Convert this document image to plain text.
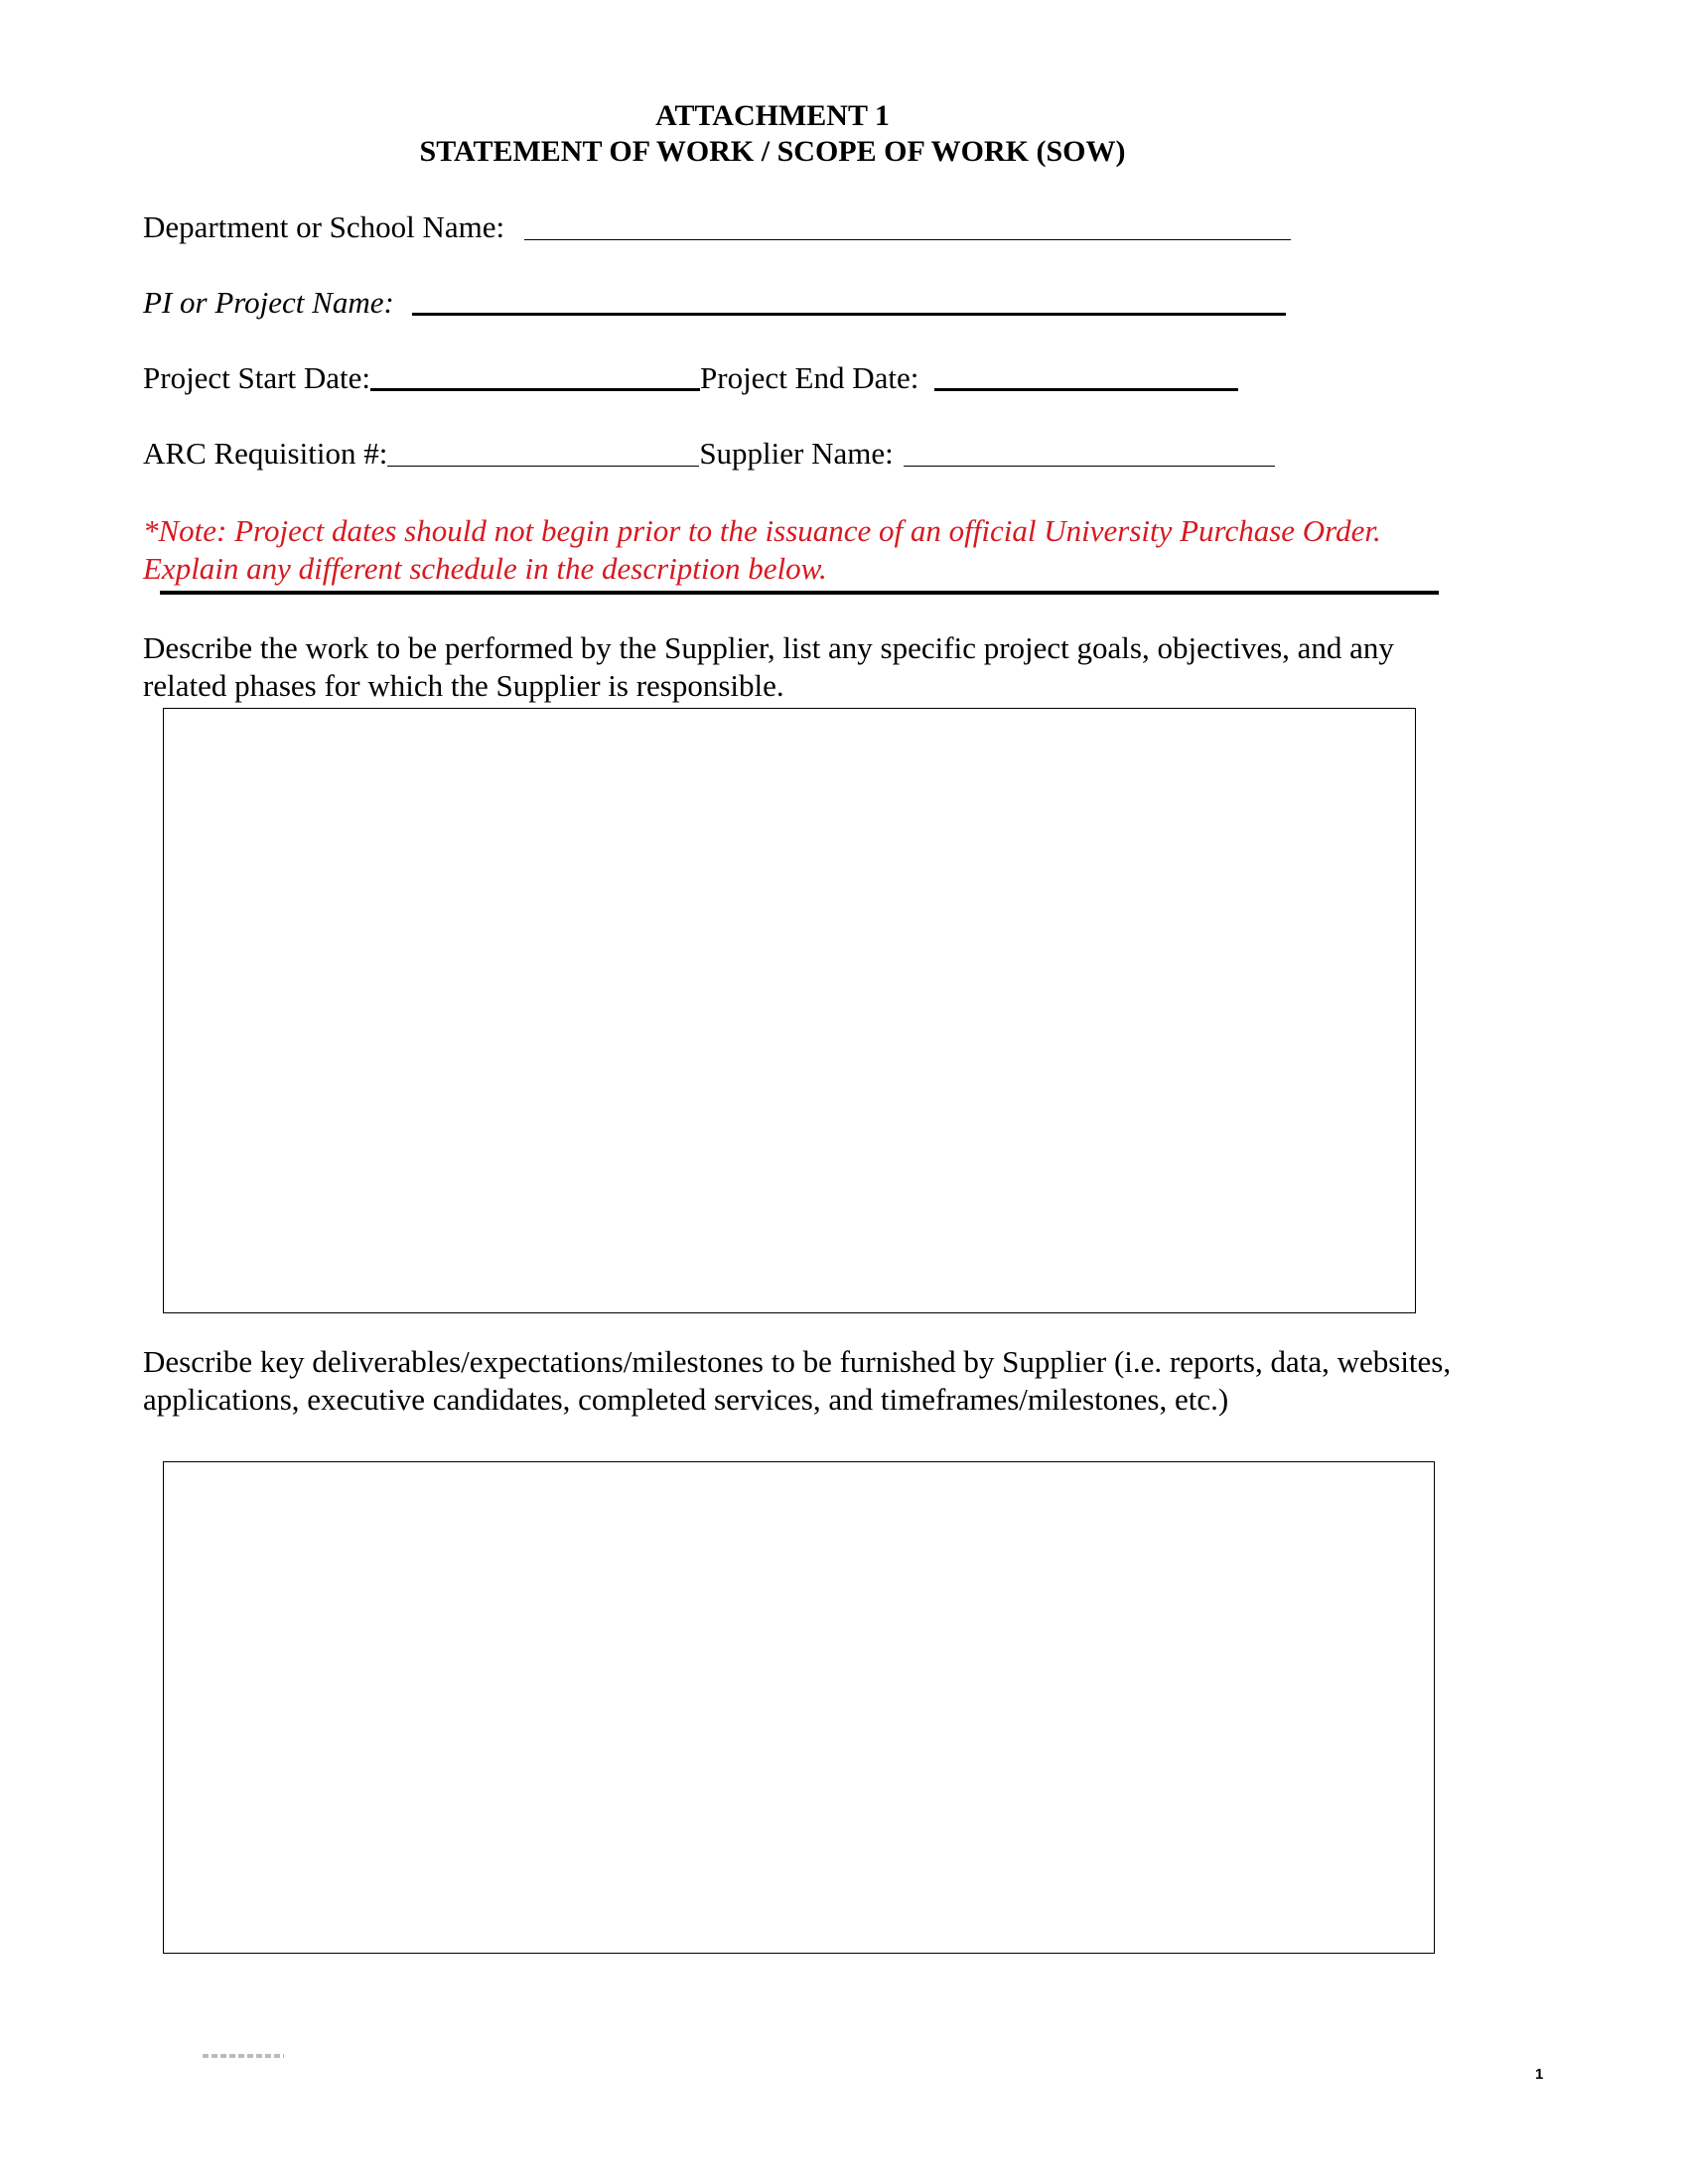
ATTACHMENT 1
STATEMENT OF WORK / SCOPE OF WORK (SOW)
Department or School Name:
PI or Project Name:
Project Start Date:	Project End Date:
ARC Requisition #:	Supplier Name:
*Note: Project dates should not begin prior to the issuance of an official University Purchase Order. Explain any different schedule in the description below.
Describe the work to be performed by the Supplier, list any specific project goals, objectives, and any related phases for which the Supplier is responsible.
Describe key deliverables/expectations/milestones to be furnished by Supplier (i.e. reports, data, websites, applications, executive candidates, completed services, and timeframes/milestones, etc.)
1
